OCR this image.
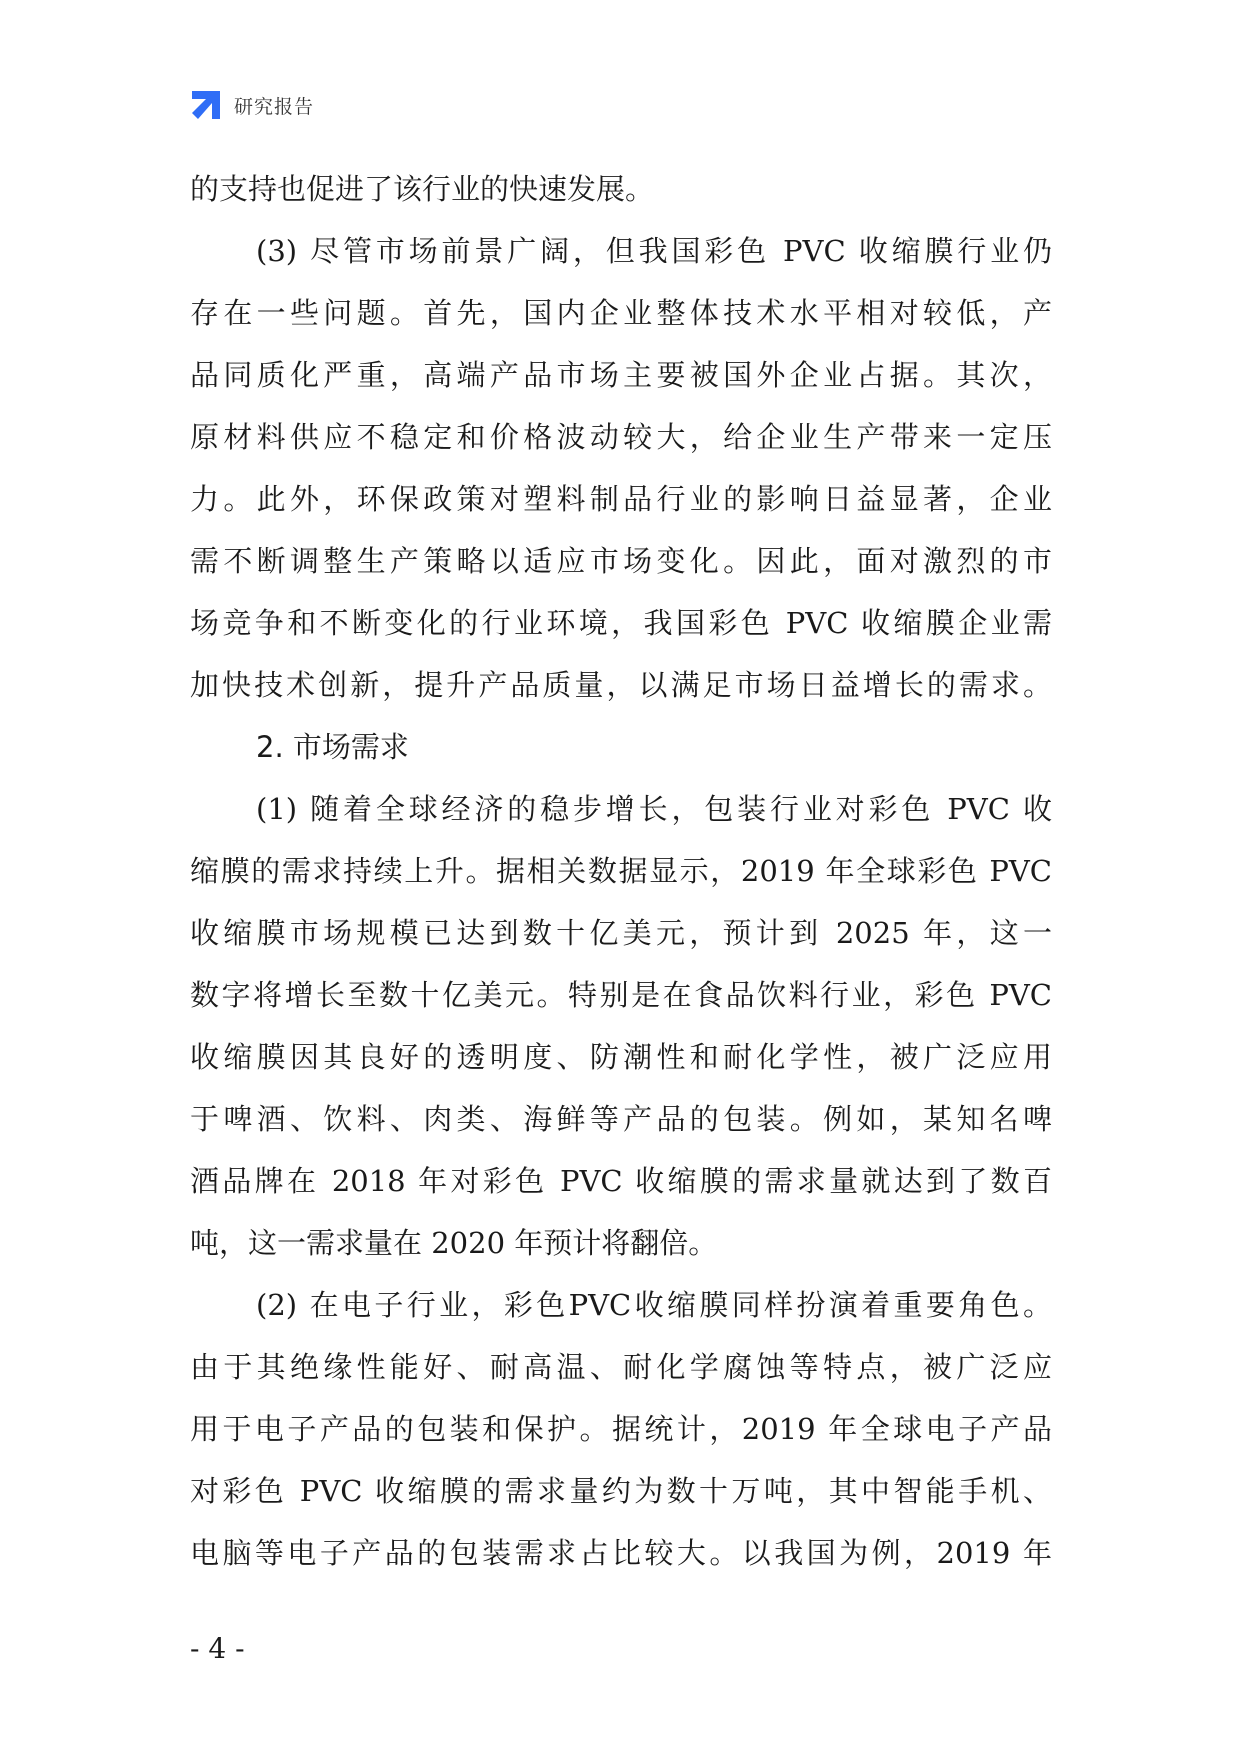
研究报告
的支持也促进了该行业的快速发展。
(3) 尽管市场前景广阔，但我国彩色 PVC 收缩膜行业仍
存在一些问题。首先，国内企业整体技术水平相对较低，产
品同质化严重，高端产品市场主要被国外企业占据。其次，
原材料供应不稳定和价格波动较大，给企业生产带来一定压
力。此外，环保政策对塑料制品行业的影响日益显著，企业
需不断调整生产策略以适应市场变化。因此，面对激烈的市
场竞争和不断变化的行业环境，我国彩色 PVC 收缩膜企业需
加快技术创新，提升产品质量，以满足市场日益增长的需求。
2. 市场需求
(1) 随着全球经济的稳步增长，包装行业对彩色 PVC 收
缩膜的需求持续上升。据相关数据显示，2019 年全球彩色 PVC
收缩膜市场规模已达到数十亿美元，预计到 2025 年，这一
数字将增长至数十亿美元。特别是在食品饮料行业，彩色 PVC
收缩膜因其良好的透明度、防潮性和耐化学性，被广泛应用
于啤酒、饮料、肉类、海鲜等产品的包装。例如，某知名啤
酒品牌在 2018 年对彩色 PVC 收缩膜的需求量就达到了数百
吨，这一需求量在 2020 年预计将翻倍。
(2) 在电子行业，彩色PVC收缩膜同样扮演着重要角色。
由于其绝缘性能好、耐高温、耐化学腐蚀等特点，被广泛应
用于电子产品的包装和保护。据统计，2019 年全球电子产品
对彩色 PVC 收缩膜的需求量约为数十万吨，其中智能手机、
电脑等电子产品的包装需求占比较大。以我国为例，2019 年
- 4 -
